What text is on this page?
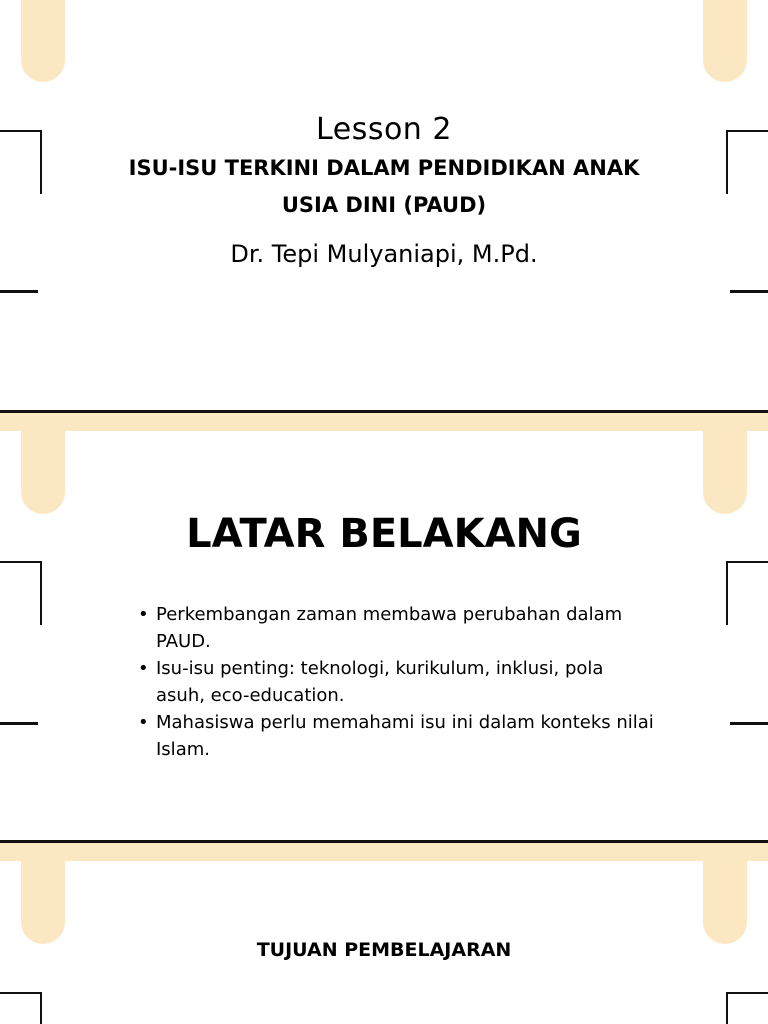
Lesson 2
ISU-ISU TERKINI DALAM PENDIDIKAN ANAK
USIA DINI (PAUD)
Dr. Tepi Mulyaniapi, M.Pd.
LATAR BELAKANG
• Perkembangan zaman membawa perubahan dalam PAUD.
• Isu-isu penting: teknologi, kurikulum, inklusi, pola asuh, eco-education.
• Mahasiswa perlu memahami isu ini dalam konteks nilai Islam.
TUJUAN PEMBELAJARAN
